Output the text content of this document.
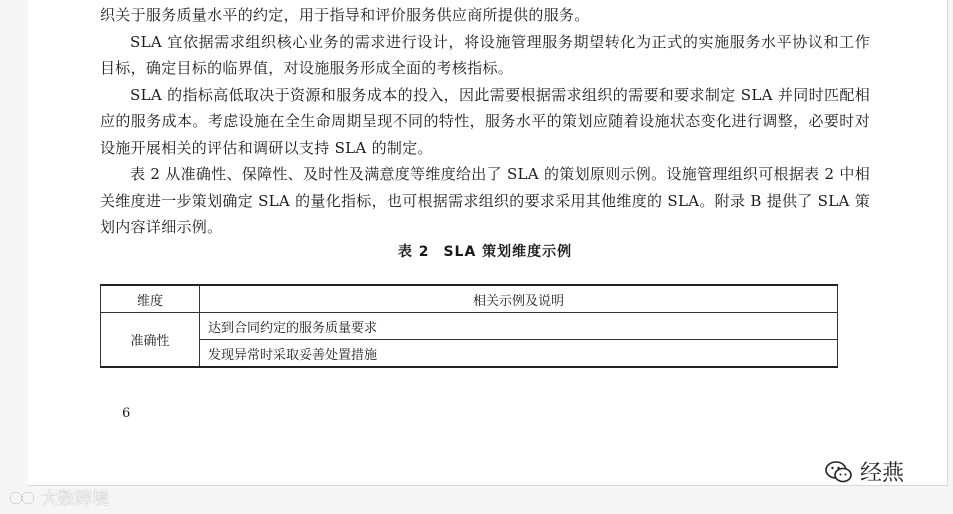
织关于服务质量水平的约定，用于指导和评价服务供应商所提供的服务。

SLA 宜依据需求组织核心业务的需求进行设计，将设施管理服务期望转化为正式的实施服务水平协议和工作目标，确定目标的临界值，对设施服务形成全面的考核指标。

SLA 的指标高低取决于资源和服务成本的投入，因此需要根据需求组织的需要和要求制定 SLA 并同时匹配相应的服务成本。考虑设施在全生命周期呈现不同的特性，服务水平的策划应随着设施状态变化进行调整，必要时对设施开展相关的评估和调研以支持 SLA 的制定。

表 2 从准确性、保障性、及时性及满意度等维度给出了 SLA 的策划原则示例。设施管理组织可根据表 2 中相关维度进一步策划确定 SLA 的量化指标，也可根据需求组织的要求采用其他维度的 SLA。附录 B 提供了 SLA 策划内容详细示例。

表 2 SLA 策划维度示例
维度	相关示例及说明
准确性	达到合同约定的服务质量要求
	发现异常时采取妥善处置措施
6
大数跨境
经燕
